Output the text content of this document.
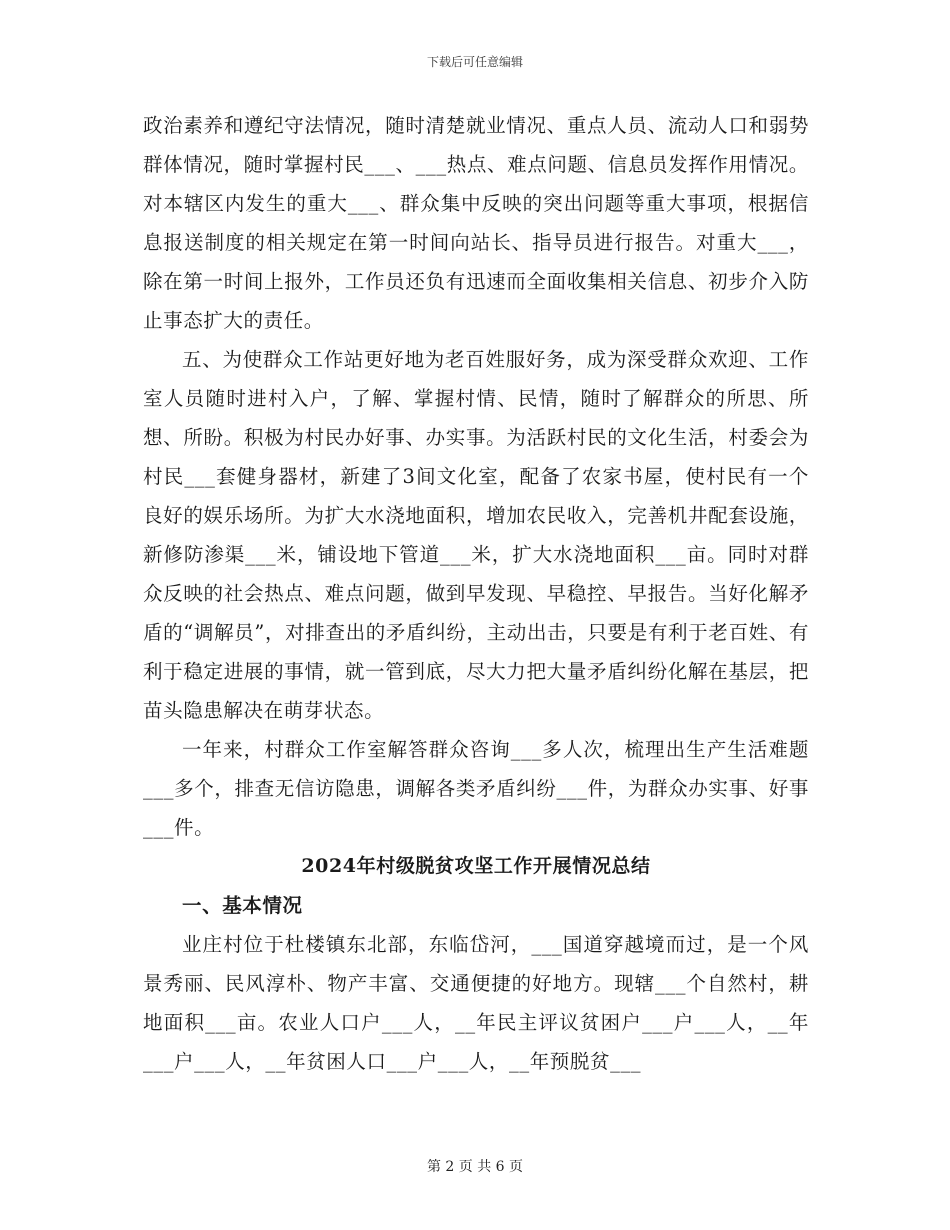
下载后可任意编辑

政治素养和遵纪守法情况，随时清楚就业情况、重点人员、流动人口和弱势群体情况，随时掌握村民___、___热点、难点问题、信息员发挥作用情况。对本辖区内发生的重大___、群众集中反映的突出问题等重大事项，根据信息报送制度的相关规定在第一时间向站长、指导员进行报告。对重大___，除在第一时间上报外，工作员还负有迅速而全面收集相关信息、初步介入防止事态扩大的责任。

五、为使群众工作站更好地为老百姓服好务，成为深受群众欢迎、工作室人员随时进村入户，了解、掌握村情、民情，随时了解群众的所思、所想、所盼。积极为村民办好事、办实事。为活跃村民的文化生活，村委会为村民___套健身器材，新建了3间文化室，配备了农家书屋，使村民有一个良好的娱乐场所。为扩大水浇地面积，增加农民收入，完善机井配套设施，新修防渗渠___米，铺设地下管道___米，扩大水浇地面积___亩。同时对群众反映的社会热点、难点问题，做到早发现、早稳控、早报告。当好化解矛盾的“调解员”，对排查出的矛盾纠纷，主动出击，只要是有利于老百姓、有利于稳定进展的事情，就一管到底，尽大力把大量矛盾纠纷化解在基层，把苗头隐患解决在萌芽状态。

一年来，村群众工作室解答群众咨询___多人次，梳理出生产生活难题___多个，排查无信访隐患，调解各类矛盾纠纷___件，为群众办实事、好事___件。

2024年村级脱贫攻坚工作开展情况总结

一、基本情况

业庄村位于杜楼镇东北部，东临岱河，___国道穿越境而过，是一个风景秀丽、民风淳朴、物产丰富、交通便捷的好地方。现辖___个自然村，耕地面积___亩。农业人口户___人，__年民主评议贫困户___户___人，__年___户___人，__年贫困人口___户___人，__年预脱贫___

第 2 页 共 6 页
